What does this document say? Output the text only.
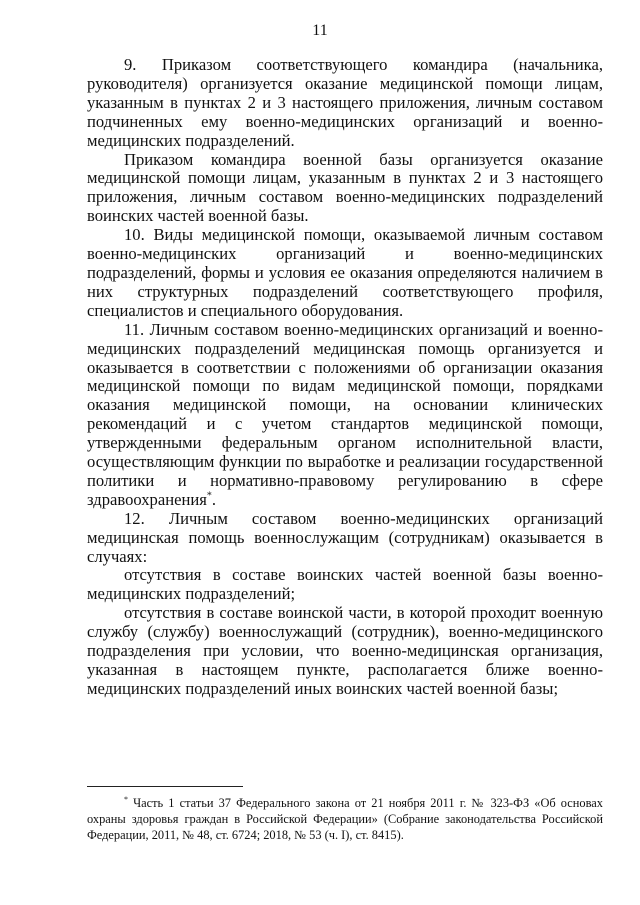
11

9. Приказом соответствующего командира (начальника, руководителя) организуется оказание медицинской помощи лицам, указанным в пунктах 2 и 3 настоящего приложения, личным составом подчиненных ему военно-медицинских организаций и военно-медицинских подразделений.

Приказом командира военной базы организуется оказание медицинской помощи лицам, указанным в пунктах 2 и 3 настоящего приложения, личным составом военно-медицинских подразделений воинских частей военной базы.

10. Виды медицинской помощи, оказываемой личным составом военно-медицинских организаций и военно-медицинских подразделений, формы и условия ее оказания определяются наличием в них структурных подразделений соответствующего профиля, специалистов и специального оборудования.

11. Личным составом военно-медицинских организаций и военно-медицинских подразделений медицинская помощь организуется и оказывается в соответствии с положениями об организации оказания медицинской помощи по видам медицинской помощи, порядками оказания медицинской помощи, на основании клинических рекомендаций и с учетом стандартов медицинской помощи, утвержденными федеральным органом исполнительной власти, осуществляющим функции по выработке и реализации государственной политики и нормативно-правовому регулированию в сфере здравоохранения*.

12. Личным составом военно-медицинских организаций медицинская помощь военнослужащим (сотрудникам) оказывается в случаях:

отсутствия в составе воинских частей военной базы военно-медицинских подразделений;

отсутствия в составе воинской части, в которой проходит военную службу (службу) военнослужащий (сотрудник), военно-медицинского подразделения при условии, что военно-медицинская организация, указанная в настоящем пункте, располагается ближе военно-медицинских подразделений иных воинских частей военной базы;

* Часть 1 статьи 37 Федерального закона от 21 ноября 2011 г. № 323-ФЗ «Об основах охраны здоровья граждан в Российской Федерации» (Собрание законодательства Российской Федерации, 2011, № 48, ст. 6724; 2018, № 53 (ч. I), ст. 8415).
